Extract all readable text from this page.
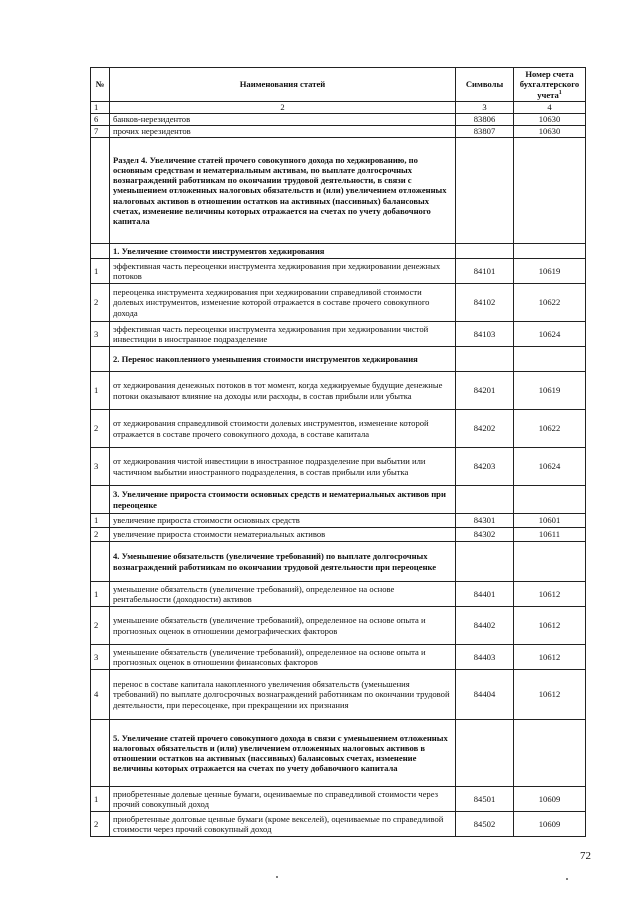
№	Наименования статей	Символы	Номер счета бухгалтерского учета$^1$
1	2	3	4
6	банков-нерезидентов	83806	10630
7	прочих нерезидентов	83807	10630
	Раздел 4. Увеличение статей прочего совокупного дохода по хеджированию, по основным средствам и нематериальным активам, по выплате долгосрочных вознаграждений работникам по окончании трудовой деятельности, в связи с уменьшением отложенных налоговых обязательств и (или) увеличением отложенных налоговых активов в отношении остатков на активных (пассивных) балансовых счетах, изменение величины которых отражается на счетах по учету добавочного капитала		
	1. Увеличение стоимости инструментов хеджирования		
1	эффективная часть переоценки инструмента хеджирования при хеджировании денежных потоков	84101	10619
2	переоценка инструмента хеджирования при хеджировании справедливой стоимости долевых инструментов, изменение которой отражается в составе прочего совокупного дохода	84102	10622
3	эффективная часть переоценки инструмента хеджирования при хеджировании чистой инвестиции в иностранное подразделение	84103	10624
	2. Перенос накопленного уменьшения стоимости инструментов хеджирования		
1	от хеджирования денежных потоков в тот момент, когда хеджируемые будущие денежные потоки оказывают влияние на доходы или расходы, в состав прибыли или убытка	84201	10619
2	от хеджирования справедливой стоимости долевых инструментов, изменение которой отражается в составе прочего совокупного дохода, в составе капитала	84202	10622
3	от хеджирования чистой инвестиции в иностранное подразделение при выбытии или частичном выбытии иностранного подразделения, в состав прибыли или убытка	84203	10624
	3. Увеличение прироста стоимости основных средств и нематериальных активов при переоценке		
1	увеличение прироста стоимости основных средств	84301	10601
2	увеличение прироста стоимости нематериальных активов	84302	10611
	4. Уменьшение обязательств (увеличение требований) по выплате долгосрочных вознаграждений работникам по окончании трудовой деятельности при переоценке		
1	уменьшение обязательств (увеличение требований), определенное на основе рентабельности (доходности) активов	84401	10612
2	уменьшение обязательств (увеличение требований), определенное на основе опыта и прогнозных оценок в отношении демографических факторов	84402	10612
3	уменьшение обязательств (увеличение требований), определенное на основе опыта и прогнозных оценок в отношении финансовых факторов	84403	10612
4	перенос в составе капитала накопленного увеличения обязательств (уменьшения требований) по выплате долгосрочных вознаграждений работникам по окончании трудовой деятельности, при пересоценке, при прекращении их признания	84404	10612
	5. Увеличение статей прочего совокупного дохода в связи с уменьшением отложенных налоговых обязательств и (или) увеличением отложенных налоговых активов в отношении остатков на активных (пассивных) балансовых счетах, изменение величины которых отражается на счетах по учету добавочного капитала		
1	приобретенные долевые ценные бумаги, оцениваемые по справедливой стоимости через прочий совокупный доход	84501	10609
2	приобретенные долговые ценные бумаги (кроме векселей), оцениваемые по справедливой стоимости через прочий совокупный доход	84502	10609
72
